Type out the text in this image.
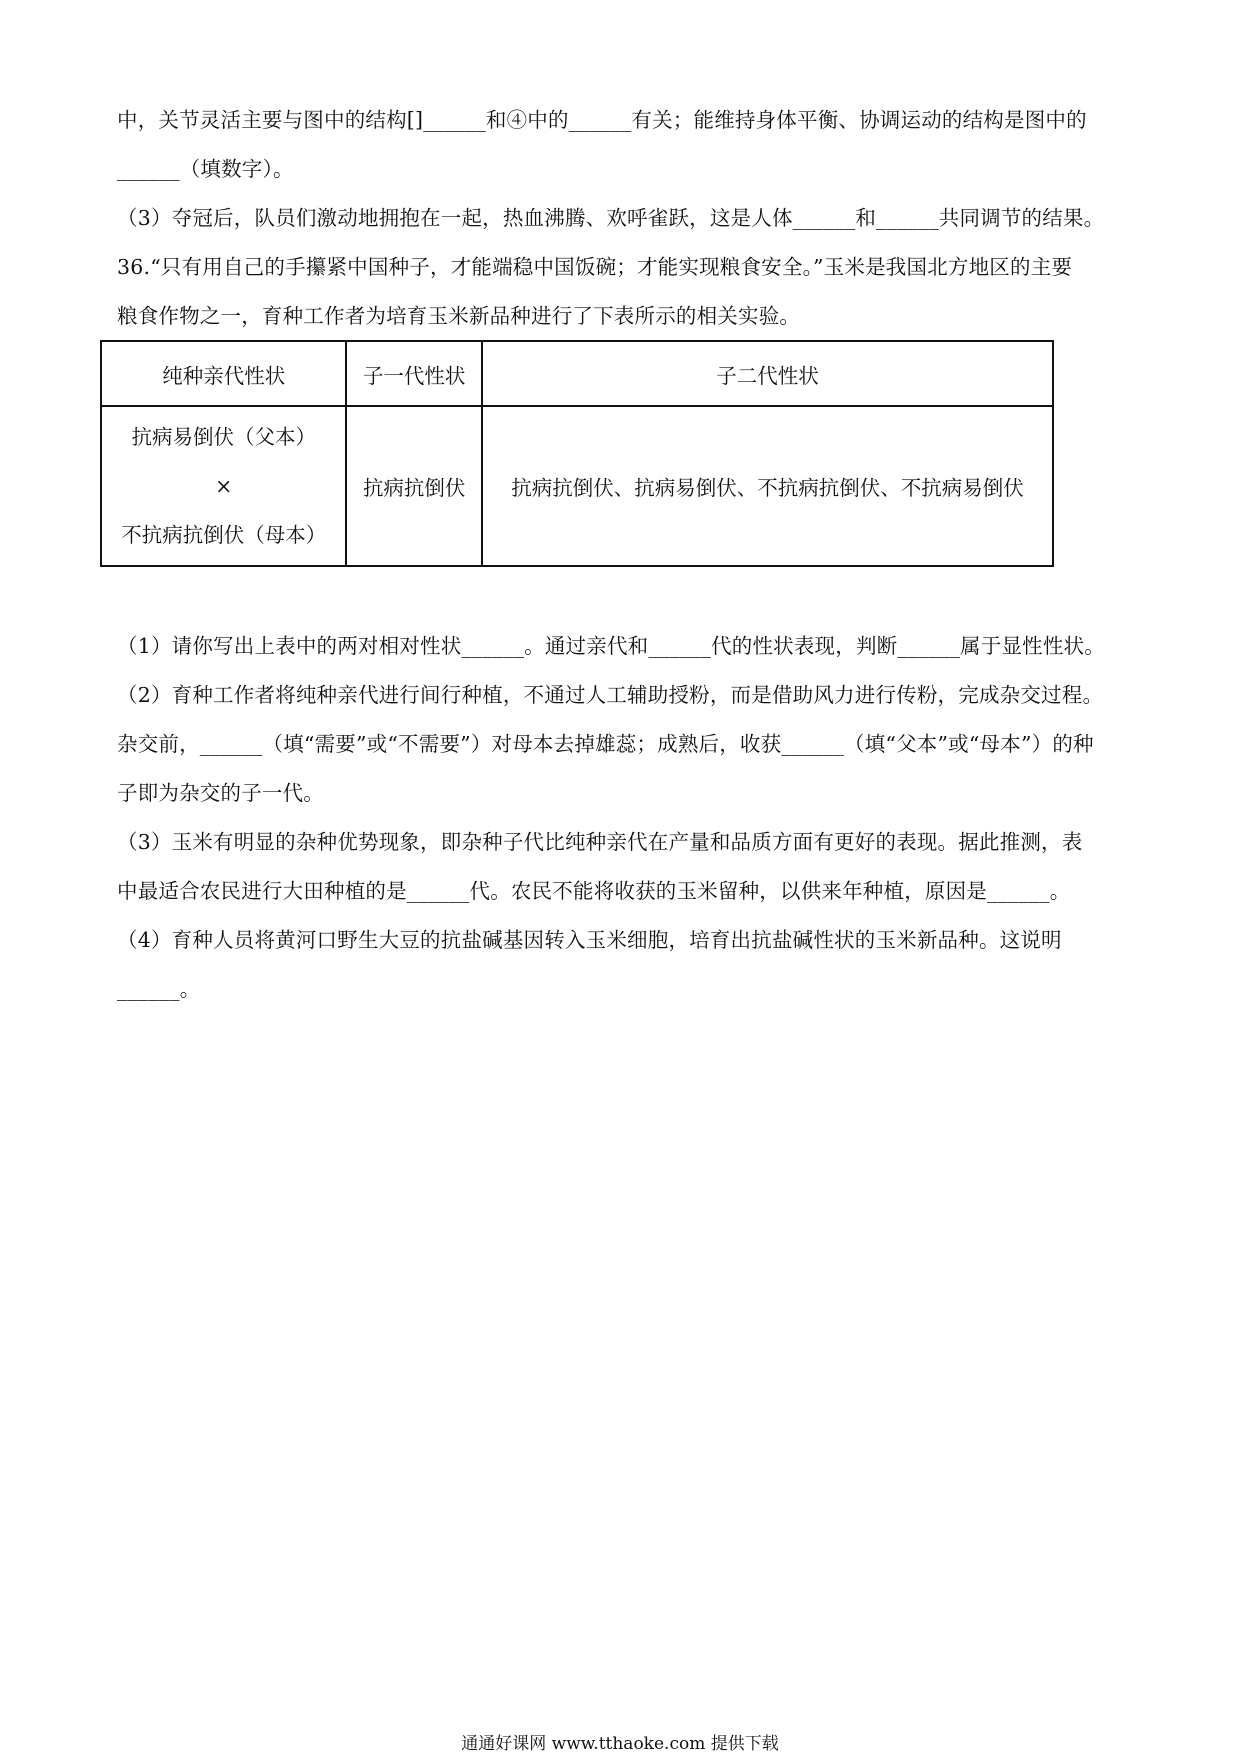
中，关节灵活主要与图中的结构[]______和④中的______有关；能维持身体平衡、协调运动的结构是图中的
______（填数字）。
（3）夺冠后，队员们激动地拥抱在一起，热血沸腾、欢呼雀跃，这是人体______和______共同调节的结果。
36.“只有用自己的手攥紧中国种子，才能端稳中国饭碗；才能实现粮食安全。”玉米是我国北方地区的主要
粮食作物之一，育种工作者为培育玉米新品种进行了下表所示的相关实验。
纯种亲代性状	子一代性状	子二代性状

抗病易倒伏（父本）
×
不抗病抗倒伏（母本）	抗病抗倒伏	抗病抗倒伏、抗病易倒伏、不抗病抗倒伏、不抗病易倒伏
（1）请你写出上表中的两对相对性状______。通过亲代和______代的性状表现，判断______属于显性性状。
（2）育种工作者将纯种亲代进行间行种植，不通过人工辅助授粉，而是借助风力进行传粉，完成杂交过程。
杂交前，______（填“需要”或“不需要”）对母本去掉雄蕊；成熟后，收获______（填“父本”或“母本”）的种
子即为杂交的子一代。
（3）玉米有明显的杂种优势现象，即杂种子代比纯种亲代在产量和品质方面有更好的表现。据此推测，表
中最适合农民进行大田种植的是______代。农民不能将收获的玉米留种，以供来年种植，原因是______。
（4）育种人员将黄河口野生大豆的抗盐碱基因转入玉米细胞，培育出抗盐碱性状的玉米新品种。这说明
______。
通通好课网 www.tthaoke.com 提供下载
